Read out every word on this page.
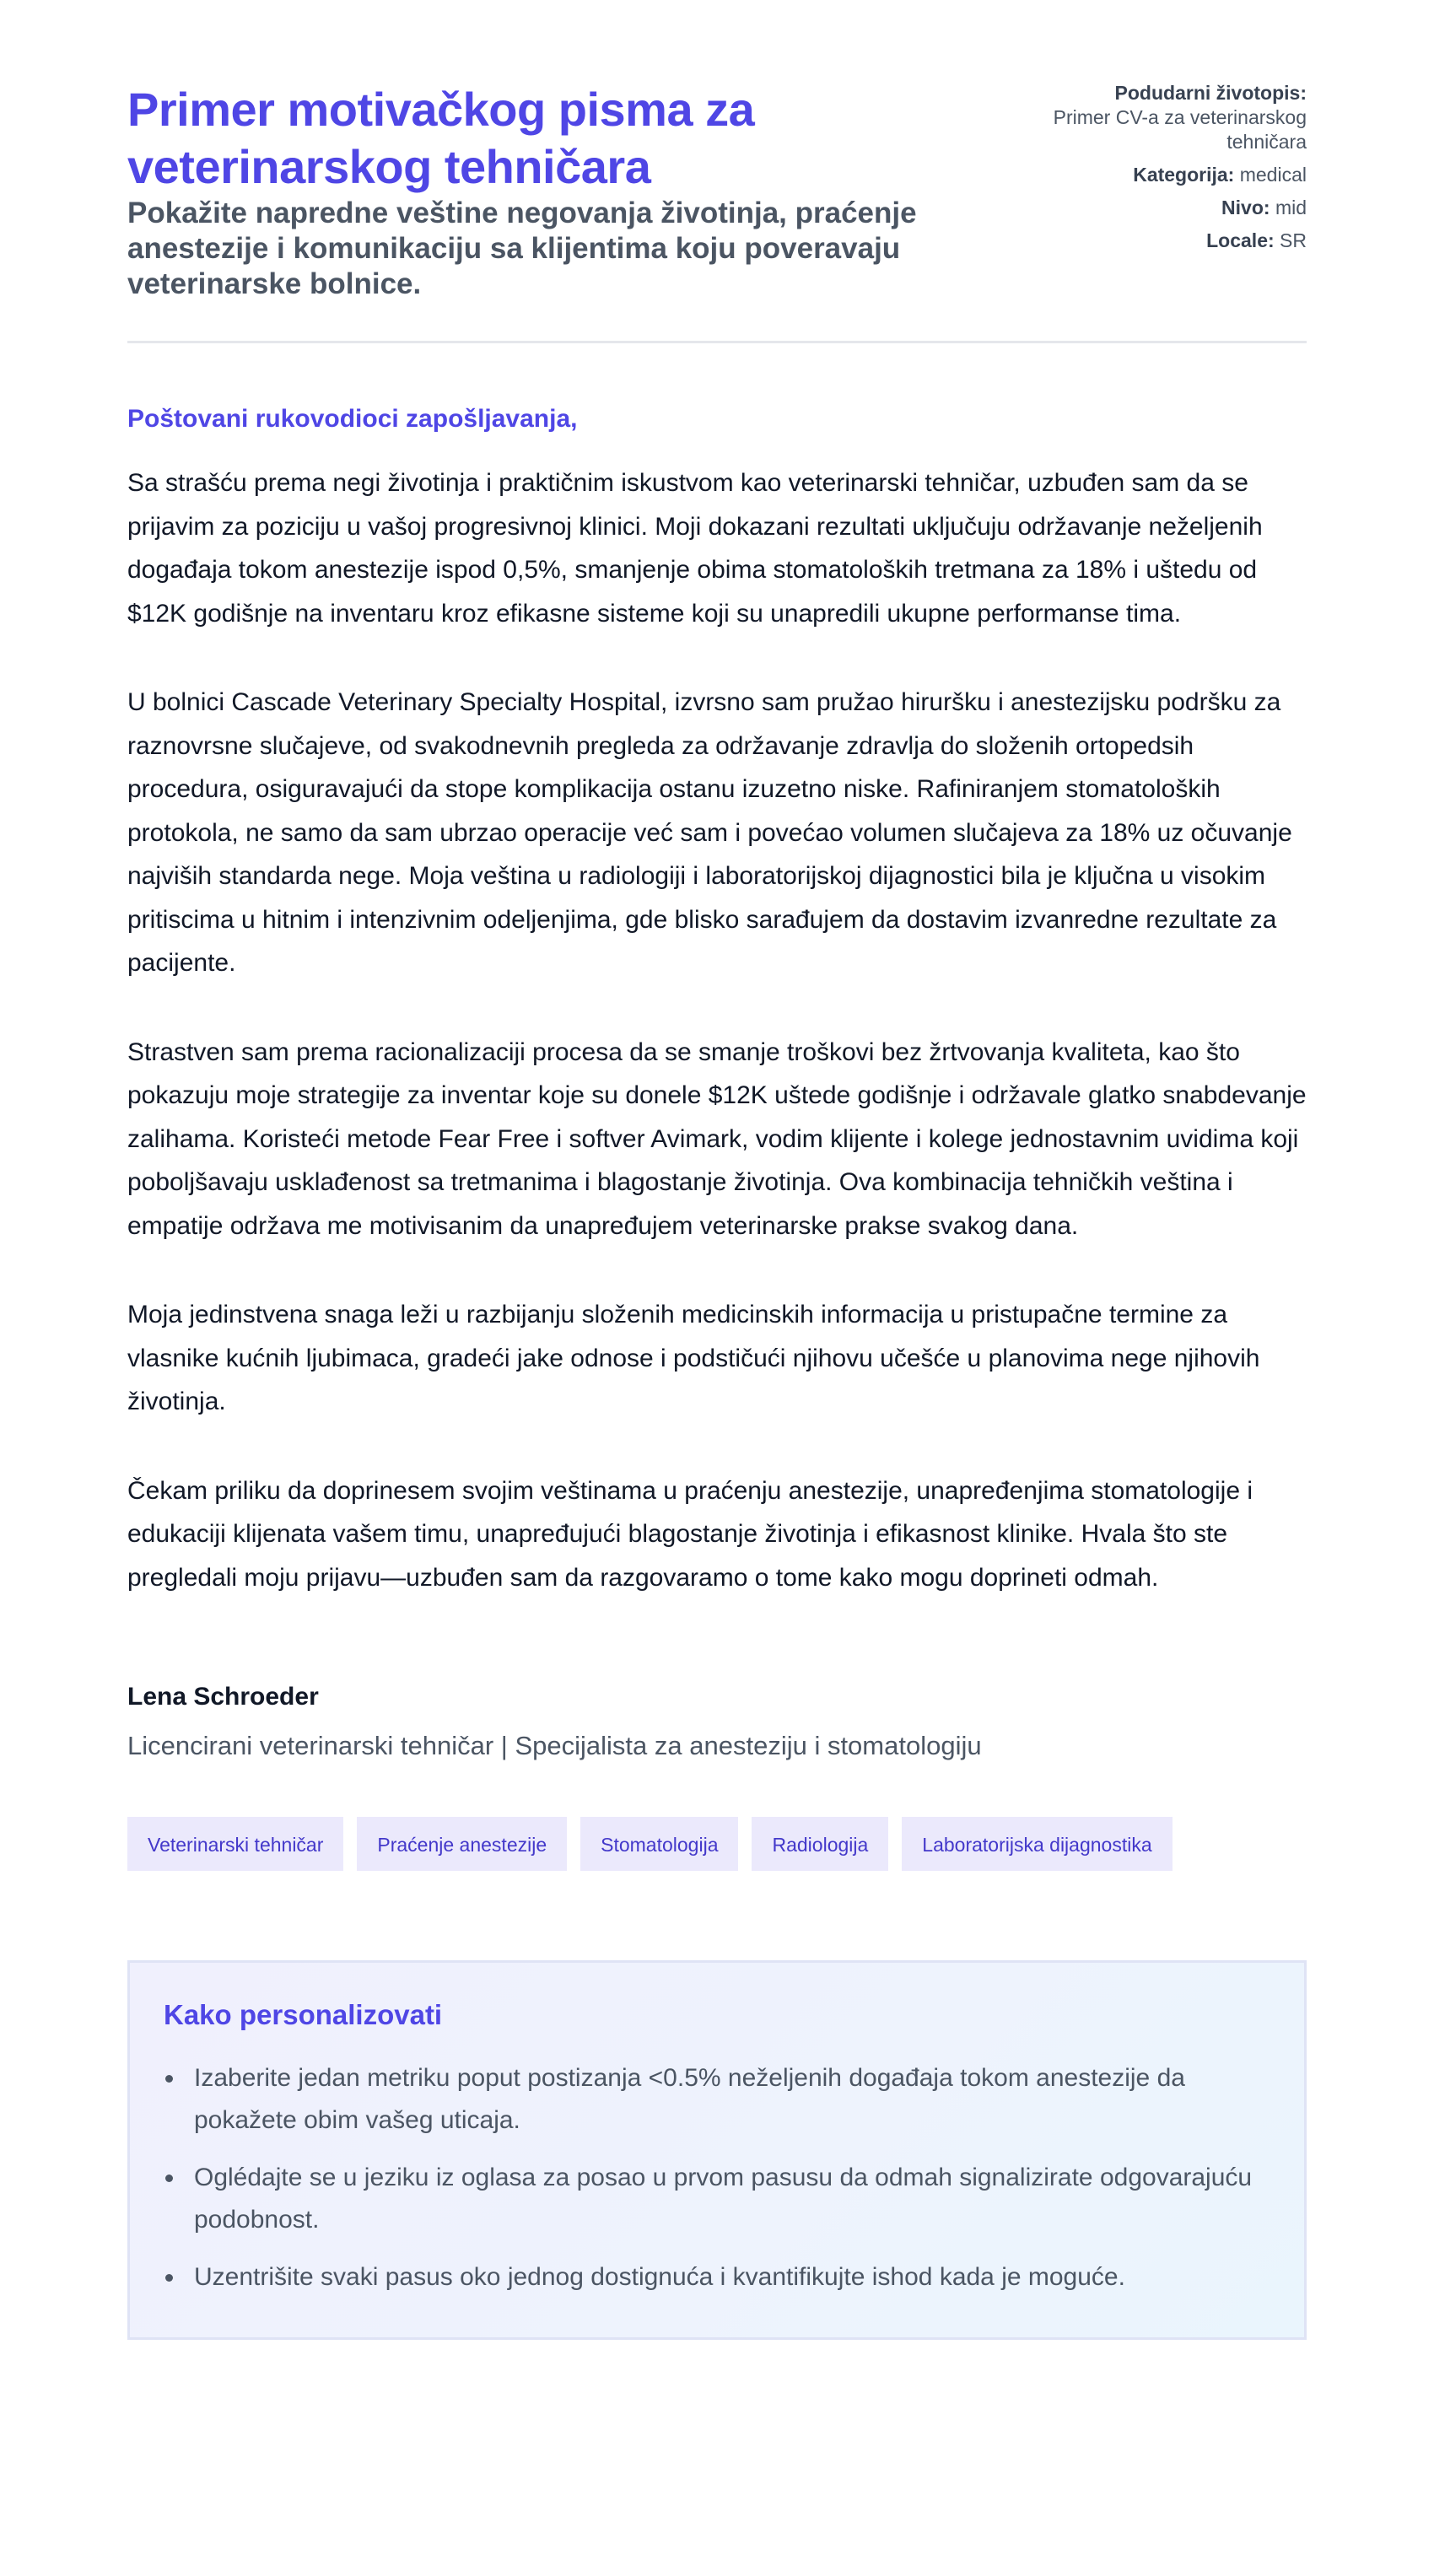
Primer motivačkog pisma za veterinarskog tehničara

Pokažite napredne veštine negovanja životinja, praćenje anestezije i komunikaciju sa klijentima koju poveravaju veterinarske bolnice.

Podudarni životopis:
Primer CV-a za veterinarskog tehničara
Kategorija: medical
Nivo: mid
Locale: SR

Poštovani rukovodioci zapošljavanja,

Sa strašću prema negi životinja i praktičnim iskustvom kao veterinarski tehničar, uzbuđen sam da se prijavim za poziciju u vašoj progresivnoj klinici. Moji dokazani rezultati uključuju održavanje neželjenih događaja tokom anestezije ispod 0,5%, smanjenje obima stomatoloških tretmana za 18% i uštedu od $12K godišnje na inventaru kroz efikasne sisteme koji su unapredili ukupne performanse tima.

U bolnici Cascade Veterinary Specialty Hospital, izvrsno sam pružao hiruršku i anestezijsku podršku za raznovrsne slučajeve, od svakodnevnih pregleda za održavanje zdravlja do složenih ortopedsih procedura, osiguravajući da stope komplikacija ostanu izuzetno niske. Rafiniranjem stomatoloških protokola, ne samo da sam ubrzao operacije već sam i povećao volumen slučajeva za 18% uz očuvanje najviših standarda nege. Moja veština u radiologiji i laboratorijskoj dijagnostici bila je ključna u visokim pritiscima u hitnim i intenzivnim odeljenjima, gde blisko sarađujem da dostavim izvanredne rezultate za pacijente.

Strastven sam prema racionalizaciji procesa da se smanje troškovi bez žrtvovanja kvaliteta, kao što pokazuju moje strategije za inventar koje su donele $12K uštede godišnje i održavale glatko snabdevanje zalihama. Koristeći metode Fear Free i softver Avimark, vodim klijente i kolege jednostavnim uvidima koji poboljšavaju usklađenost sa tretmanima i blagostanje životinja. Ova kombinacija tehničkih veština i empatije održava me motivisanim da unapređujem veterinarske prakse svakog dana.

Moja jedinstvena snaga leži u razbijanju složenih medicinskih informacija u pristupačne termine za vlasnike kućnih ljubimaca, gradeći jake odnose i podstičući njihovu učešće u planovima nege njihovih životinja.

Čekam priliku da doprinesem svojim veštinama u praćenju anestezije, unapređenjima stomatologije i edukaciji klijenata vašem timu, unapređujući blagostanje životinja i efikasnost klinike. Hvala što ste pregledali moju prijavu—uzbuđen sam da razgovaramo o tome kako mogu doprineti odmah.

Lena Schroeder

Licencirani veterinarski tehničar | Specijalista za anesteziju i stomatologiju

Veterinarski tehničar	Praćenje anestezije	Stomatologija	Radiologija	Laboratorijska dijagnostika
Kako personalizovati
Izaberite jedan metriku poput postizanja <0.5% neželjenih događaja tokom anestezije da pokažete obim vašeg uticaja.
Oglédajte se u jeziku iz oglasa za posao u prvom pasusu da odmah signalizirate odgovarajuću podobnost.
Uzentrišite svaki pasus oko jednog dostignuća i kvantifikujte ishod kada je moguće.
